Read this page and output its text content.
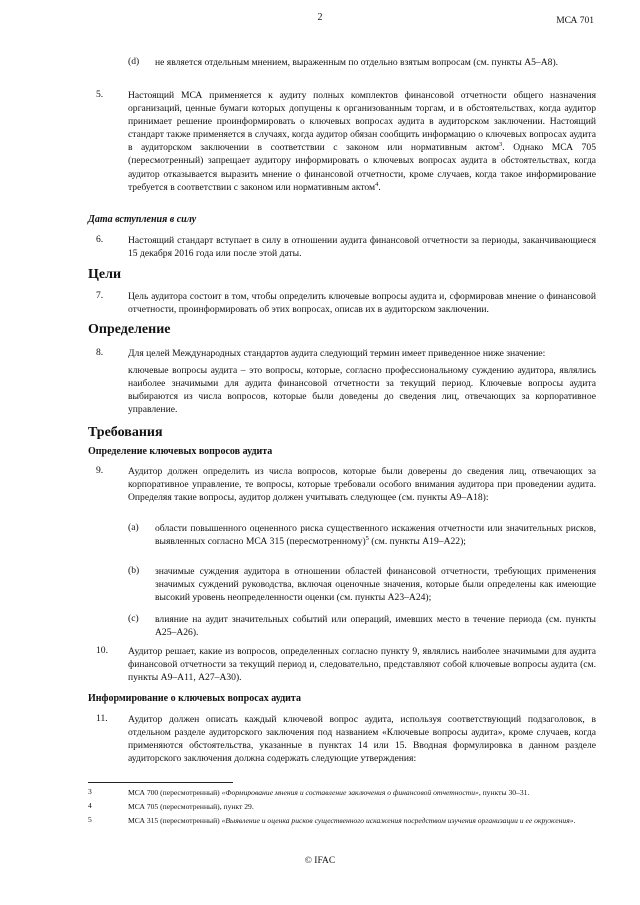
2	МСА 701
(d) не является отдельным мнением, выраженным по отдельно взятым вопросам (см. пункты А5–А8).
5.	Настоящий МСА применяется к аудиту полных комплектов финансовой отчетности общего назначения организаций, ценные бумаги которых допущены к организованным торгам, и в обстоятельствах, когда аудитор принимает решение проинформировать о ключевых вопросах аудита в аудиторском заключении. Настоящий стандарт также применяется в случаях, когда аудитор обязан сообщить информацию о ключевых вопросах аудита в аудиторском заключении в соответствии с законом или нормативным актом$^3$. Однако МСА 705 (пересмотренный) запрещает аудитору информировать о ключевых вопросах аудита в обстоятельствах, когда аудитор отказывается выразить мнение о финансовой отчетности, кроме случаев, когда такое информирование требуется в соответствии с законом или нормативным актом$^4$.
Дата вступления в силу
6.	Настоящий стандарт вступает в силу в отношении аудита финансовой отчетности за периоды, заканчивающиеся 15 декабря 2016 года или после этой даты.
Цели
7.	Цель аудитора состоит в том, чтобы определить ключевые вопросы аудита и, сформировав мнение о финансовой отчетности, проинформировать об этих вопросах, описав их в аудиторском заключении.
Определение
8.	Для целей Международных стандартов аудита следующий термин имеет приведенное ниже значение:
ключевые вопросы аудита – это вопросы, которые, согласно профессиональному суждению аудитора, являлись наиболее значимыми для аудита финансовой отчетности за текущий период. Ключевые вопросы аудита выбираются из числа вопросов, которые были доведены до сведения лиц, отвечающих за корпоративное управление.
Требования
Определение ключевых вопросов аудита
9.	Аудитор должен определить из числа вопросов, которые были доверены до сведения лиц, отвечающих за корпоративное управление, те вопросы, которые требовали особого внимания аудитора при проведении аудита. Определяя такие вопросы, аудитор должен учитывать следующее (см. пункты А9–А18):
(a) области повышенного оцененного риска существенного искажения отчетности или значительных рисков, выявленных согласно МСА 315 (пересмотренному)$^5$ (см. пункты А19–А22);
(b) значимые суждения аудитора в отношении областей финансовой отчетности, требующих применения значимых суждений руководства, включая оценочные значения, которые были определены как имеющие высокий уровень неопределенности оценки (см. пункты А23–А24);
(c) влияние на аудит значительных событий или операций, имевших место в течение периода (см. пункты А25–А26).
10. Аудитор решает, какие из вопросов, определенных согласно пункту 9, являлись наиболее значимыми для аудита финансовой отчетности за текущий период и, следовательно, представляют собой ключевые вопросы аудита (см. пункты А9–А11, А27–А30).
Информирование о ключевых вопросах аудита
11. Аудитор должен описать каждый ключевой вопрос аудита, используя соответствующий подзаголовок, в отдельном разделе аудиторского заключения под названием «Ключевые вопросы аудита», кроме случаев, когда применяются обстоятельства, указанные в пунктах 14 или 15. Вводная формулировка в данном разделе аудиторского заключения должна содержать следующие утверждения:
3	МСА 700 (пересмотренный) «Формирование мнения и составление заключения о финансовой отчетности», пункты 30–31.
4	МСА 705 (пересмотренный), пункт 29.
5	МСА 315 (пересмотренный) «Выявление и оценка рисков существенного искажения посредством изучения организации и ее окружения».
© IFAC
